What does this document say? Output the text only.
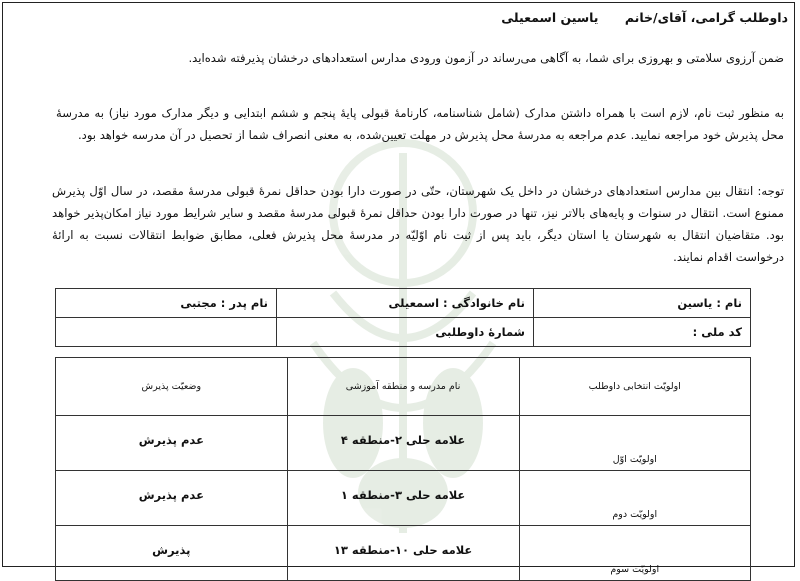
داوطلب گرامی، آقای/خانم یاسین اسمعیلی

ضمن آرزوی سلامتی و بهروزی برای شما، به آگاهی می‌رساند در آزمون ورودی مدارس استعدادهای درخشان پذیرفته شده‌اید.

به منظور ثبت نام، لازم است با همراه داشتن مدارک (شامل شناسنامه، کارنامهٔ قبولی پایهٔ پنجم و ششم ابتدایی و دیگر مدارک مورد نیاز) به مدرسهٔ محل پذیرش خود مراجعه نمایید. عدم مراجعه به مدرسهٔ محل پذیرش در مهلت تعیین‌شده، به معنی انصراف شما از تحصیل در آن مدرسه خواهد بود.

توجه: انتقال بین مدارس استعدادهای درخشان در داخل یک شهرستان، حتّی در صورت دارا بودن حداقل نمرهٔ قبولی مدرسهٔ مقصد، در سال اوّل پذیرش ممنوع است. انتقال در سنوات و پایه‌های بالاتر نیز، تنها در صورت دارا بودن حداقل نمرهٔ قبولی مدرسهٔ مقصد و سایر شرایط مورد نیاز امکان‌پذیر خواهد بود. متقاضیان انتقال به شهرستان یا استان دیگر، باید پس از ثبت نام اوّلیّه در مدرسهٔ محل پذیرش فعلی، مطابق ضوابط انتقالات نسبت به ارائهٔ درخواست اقدام نمایند.

نام : یاسین	نام خانوادگی : اسمعیلی	نام پدر : مجتبی
کد ملی :	شمارهٔ داوطلبی	
اولویّت انتخابی داوطلب	نام مدرسه و منطقه آموزشی	وضعیّت پذیرش
اولویّت اوّل	علامه حلی ۲-منطقه ۴	عدم پذیرش
اولویّت دوم	علامه حلی ۳-منطقه ۱	عدم پذیرش
اولویّت سوم	علامه حلی ۱۰-منطقه ۱۳	پذیرش
